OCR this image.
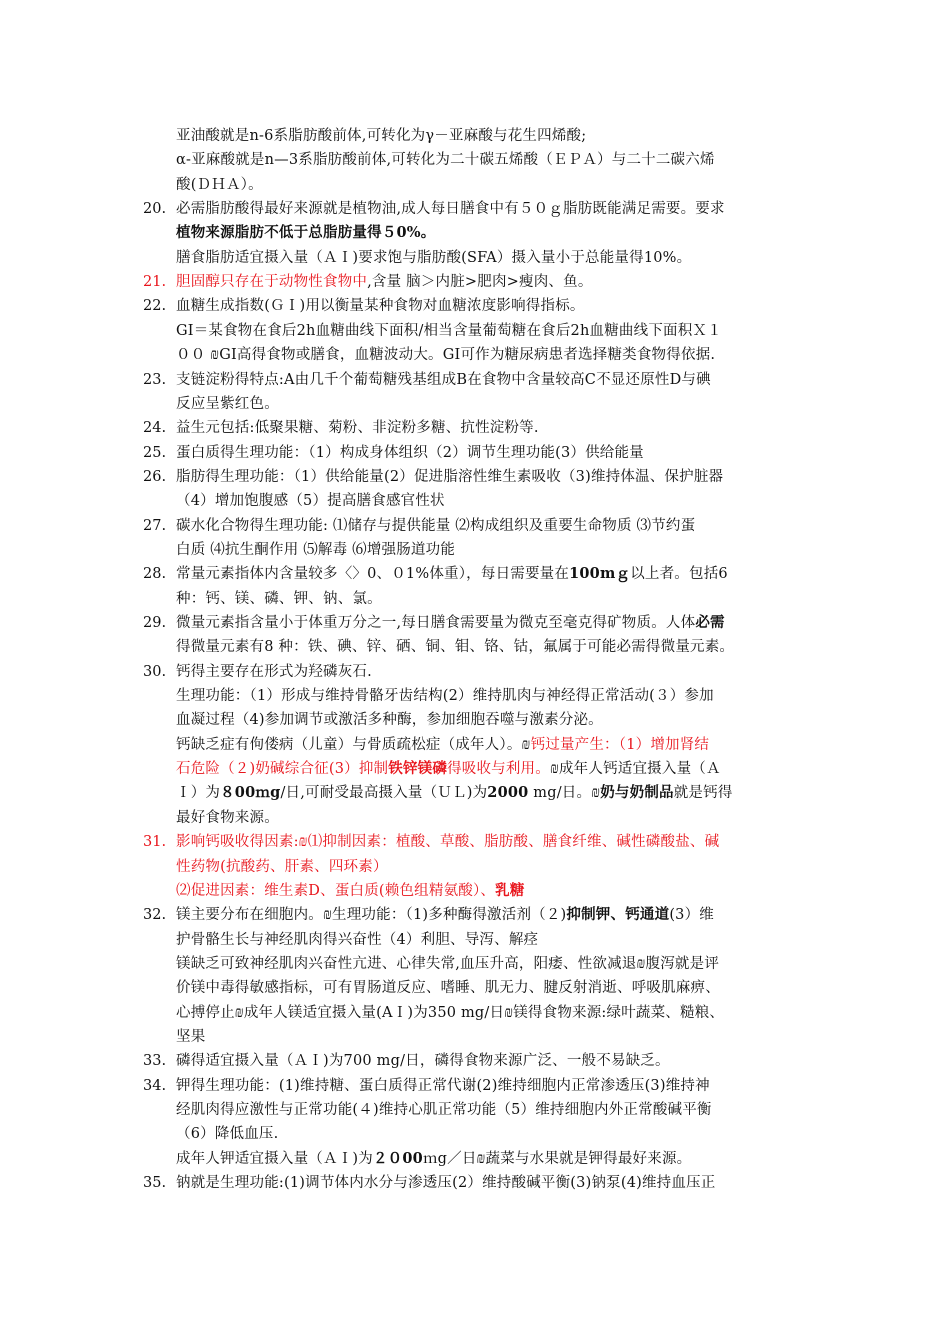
亚油酸就是n-6系脂肪酸前体,可转化为γ－亚麻酸与花生四烯酸;
α-亚麻酸就是n—3系脂肪酸前体,可转化为二十碳五烯酸（ＥＰＡ）与二十二碳六烯
酸(ＤＨＡ）。
20. 必需脂肪酸得最好来源就是植物油,成人每日膳食中有５０ｇ脂肪既能满足需要。要求
植物来源脂肪不低于总脂肪量得５0%。
膳食脂肪适宜摄入量（ＡＩ)要求饱与脂肪酸(SFA）摄入量小于总能量得10%。
21. 胆固醇只存在于动物性食物中,含量 脑＞内脏>肥肉>瘦肉、鱼。
22. 血糖生成指数(ＧＩ)用以衡量某种食物对血糖浓度影响得指标。
GI＝某食物在食后2h血糖曲线下面积/相当含量葡萄糖在食后2h血糖曲线下面积Ｘ１
００ ₪GI高得食物或膳食，血糖波动大。GI可作为糖尿病患者选择糖类食物得依据.
23. 支链淀粉得特点:A由几千个葡萄糖残基组成B在食物中含量较高C不显还原性D与碘
反应呈紫红色。
24. 益生元包括:低聚果糖、菊粉、非淀粉多糖、抗性淀粉等.
25. 蛋白质得生理功能：（1）构成身体组织（2）调节生理功能(3）供给能量
26. 脂肪得生理功能：（1）供给能量(2）促进脂溶性维生素吸收（3)维持体温、保护脏器
（4）增加饱腹感（5）提高膳食感官性状
27. 碳水化合物得生理功能: ⑴储存与提供能量 ⑵构成组织及重要生命物质 ⑶节约蛋
白质 ⑷抗生酮作用 ⑸解毒 ⑹增强肠道功能
28. 常量元素指体内含量较多〈〉0、０1%体重），每日需要量在100mｇ以上者。包括6
种：钙、镁、磷、钾、钠、氯。
29. 微量元素指含量小于体重万分之一,每日膳食需要量为微克至毫克得矿物质。人体必需
得微量元素有8 种：铁、碘、锌、硒、铜、钼、铬、钴，氟属于可能必需得微量元素。
30. 钙得主要存在形式为羟磷灰石.
生理功能：（1）形成与维持骨骼牙齿结构(2）维持肌肉与神经得正常活动(３）参加
血凝过程（4)参加调节或激活多种酶，参加细胞吞噬与激素分泌。
钙缺乏症有佝偻病（儿童）与骨质疏松症（成年人）。₪钙过量产生：（1）增加肾结
石危险（２)奶碱综合征(3）抑制铁锌镁磷得吸收与利用。₪成年人钙适宜摄入量（Ａ
Ｉ）为８00ｍg/日,可耐受最高摄入量（ＵＬ)为2000 mg/日。₪奶与奶制品就是钙得
最好食物来源。
31. 影响钙吸收得因素:₪⑴抑制因素：植酸、草酸、脂肪酸、膳食纤维、碱性磷酸盐、碱
性药物(抗酸药、肝素、四环素）
⑵促进因素：维生素D、蛋白质(赖色组精氨酸）、乳糖
32. 镁主要分布在细胞内。₪生理功能：（1)多种酶得激活剂（２)抑制钾、钙通道(3）维
护骨骼生长与神经肌肉得兴奋性（4）利胆、导泻、解痉
镁缺乏可致神经肌肉兴奋性亢进、心律失常,血压升高，阳痿、性欲减退₪腹泻就是评
价镁中毒得敏感指标，可有胃肠道反应、嗜睡、肌无力、腱反射消逝、呼吸肌麻痹、
心搏停止₪成年人镁适宜摄入量(AＩ)为350 mg/日₪镁得食物来源:绿叶蔬菜、糙粮、
坚果
33. 磷得适宜摄入量（ＡＩ)为700 mg/日，磷得食物来源广泛、一般不易缺乏。
34. 钾得生理功能：(1)维持糖、蛋白质得正常代谢(2)维持细胞内正常渗透压(3)维持神
经肌肉得应激性与正常功能(４)维持心肌正常功能（5）维持细胞内外正常酸碱平衡
（6）降低血压.
成年人钾适宜摄入量（ＡＩ)为２０00ｍg／日₪蔬菜与水果就是钾得最好来源。
35. 钠就是生理功能:(1)调节体内水分与渗透压(2）维持酸碱平衡(3)钠泵(4)维持血压正
